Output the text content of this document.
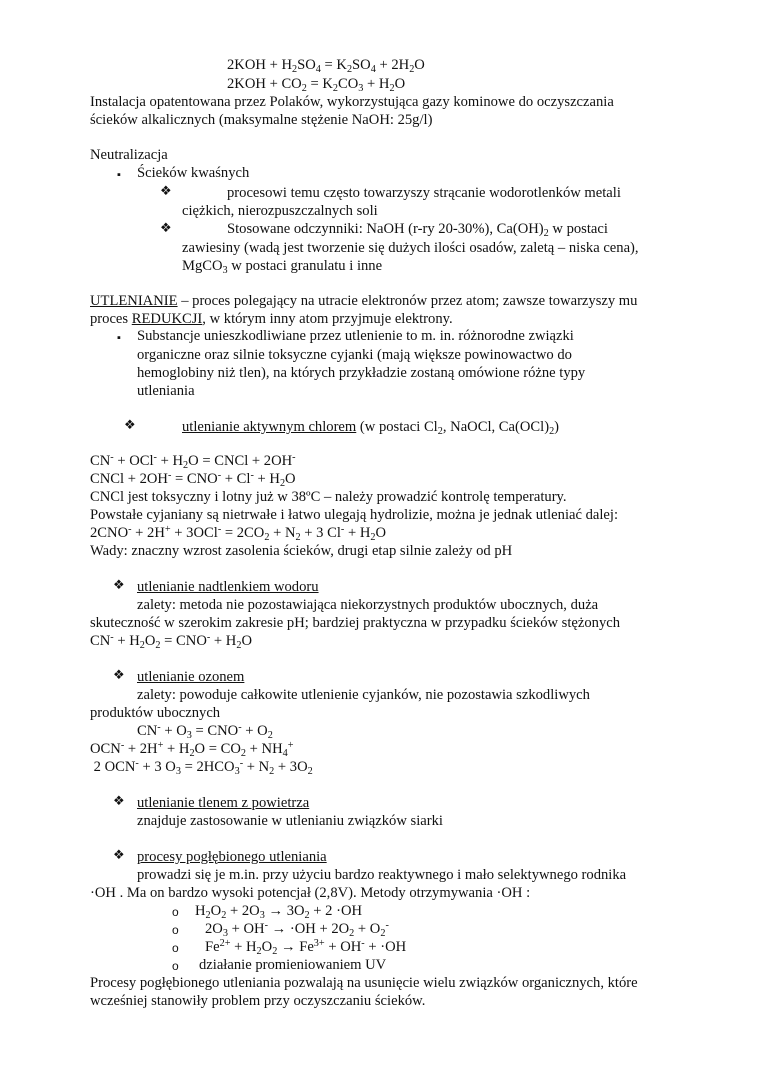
$2KOH + H_2SO_4 = K_2SO_4 + 2H_2O$
$2KOH + CO_2 = K_2CO_3 + H_2O$
Instalacja opatentowana przez Polaków, wykorzystująca gazy kominowe do oczyszczania
ścieków alkalicznych (maksymalne stężenie NaOH: 25g/l)
Neutralizacja
▪ Ścieków kwaśnych
❖	procesowi temu często towarzyszy strącanie wodorotlenków metali
ciężkich, nierozpuszczalnych soli
❖	Stosowane odczynniki: NaOH (r-ry 20-30%), $Ca(OH)_2$ w postaci
zawiesiny (wadą jest tworzenie się dużych ilości osadów, zaletą – niska cena),
MgCO$_3$ w postaci granulatu i inne
UTLENIANIE – proces polegający na utracie elektronów przez atom; zawsze towarzyszy mu
proces REDUKCJI, w którym inny atom przyjmuje elektrony.
▪ Substancje unieszkodliwiane przez utlenienie to m. in. różnorodne związki
organiczne oraz silnie toksyczne cyjanki (mają większe powinowactwo do
hemoglobiny niż tlen), na których przykładzie zostaną omówione różne typy
utleniania
❖	utlenianie aktywnym chlorem (w postaci $Cl_2$, NaOCl, $Ca(OCl)_2$)
$CN^- + OCl^- + H_2O$ = CNCl + 2OH-
CNCl + $2OH^- = CNO^- + Cl^- + H_2O$
CNCl jest toksyczny i lotny już w 38ºC – należy prowadzić kontrolę temperatury.
Powstałe cyjaniany są nietrwałe i łatwo ulegają hydrolizie, można je jednak utleniać dalej:
$2CNO^- + 2H^+ + 3OCl^- = 2CO_2 + N_2 + 3$ $Cl^- + H_2O$
Wady: znaczny wzrost zasolenia ścieków, drugi etap silnie zależy od pH
❖ utlenianie nadtlenkiem wodoru
zalety: metoda nie pozostawiająca niekorzystnych produktów ubocznych, duża
skuteczność w szerokim zakresie pH; bardziej praktyczna w przypadku ścieków stężonych
$CN^- + H_2O_2 = CNO^- + H_2O$
❖ utlenianie ozonem
zalety: powoduje całkowite utlenienie cyjanków, nie pozostawia szkodliwych
produktów ubocznych
$CN^- + O_3 = CNO^- + O_2$
$OCN^- + 2H^+ + H_2O = CO_2 + NH_4^+$
2 OCN- + 3 $O_3 = 2HCO_3^- + N_2 + 3O_2$
❖ utlenianie tlenem z powietrza
znajduje zastosowanie w utlenianiu związków siarki
❖ procesy pogłębionego utleniania
prowadzi się je m.in. przy użyciu bardzo reaktywnego i mało selektywnego rodnika
·OH . Ma on bardzo wysoki potencjał (2,8V). Metody otrzymywania ·OH :
o $H_2O_2 + 2O_3 \to 3O_2 + 2 \cdot OH$
o $2O_3 + OH^- \to \cdot OH + 2O_2 + O_2^-$
o $Fe^{2+} + H_2O_2 \to Fe^{3+} + OH^- + \cdot OH$
o działanie promieniowaniem UV
Procesy pogłębionego utleniania pozwalają na usunięcie wielu związków organicznych, które
wcześniej stanowiły problem przy oczyszczaniu ścieków.
